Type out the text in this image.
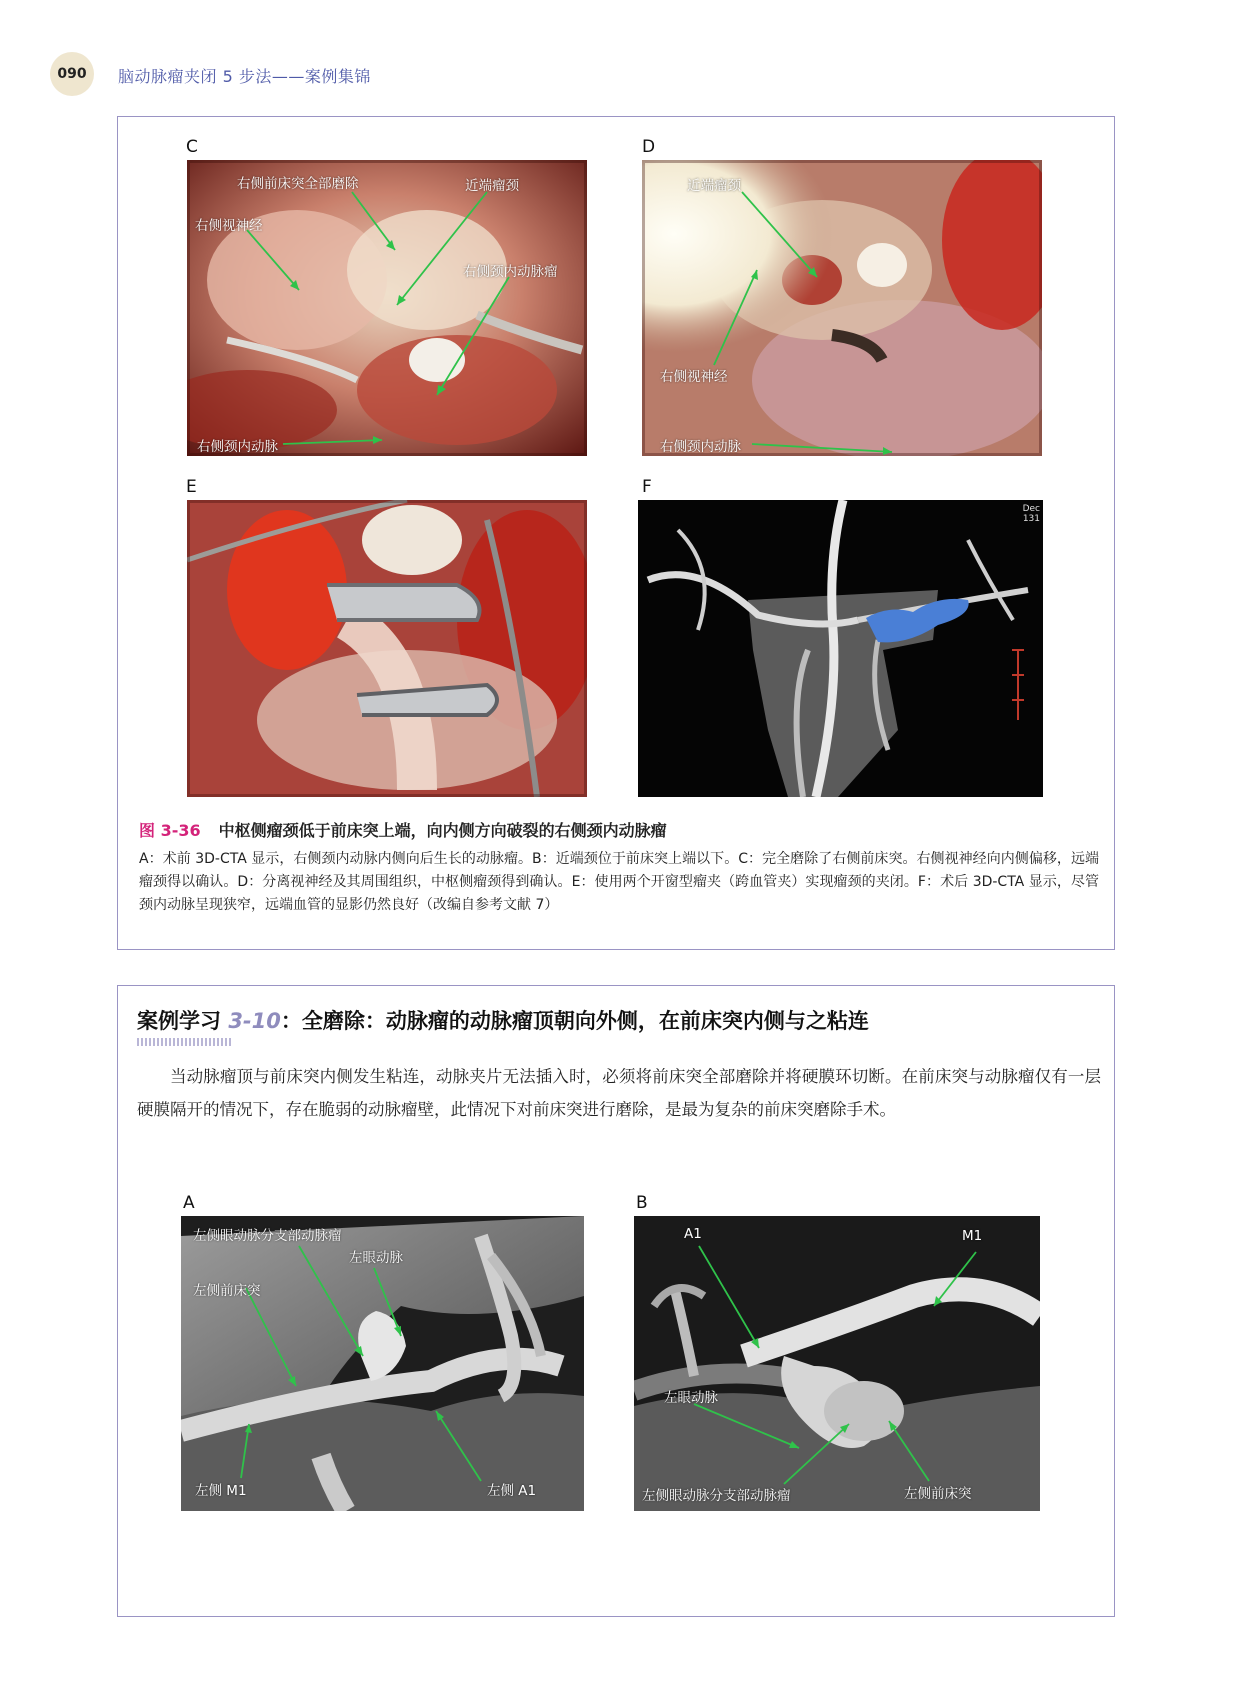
090	脑动脉瘤夹闭 5 步法——案例集锦
C
右侧前床突全部磨除	近端瘤颈
右侧视神经
右侧颈内动脉瘤
右侧颈内动脉
D
近端瘤颈
右侧视神经
右侧颈内动脉
E	F
Dec
131
图 3-36 中枢侧瘤颈低于前床突上端，向内侧方向破裂的右侧颈内动脉瘤
A：术前 3D-CTA 显示，右侧颈内动脉内侧向后生长的动脉瘤。B：近端颈位于前床突上端以下。C：完全磨除了右侧前床突。右侧视神经向内侧偏移，远端瘤颈得以确认。D：分离视神经及其周围组织，中枢侧瘤颈得到确认。E：使用两个开窗型瘤夹（跨血管夹）实现瘤颈的夹闭。F：术后 3D-CTA 显示，尽管颈内动脉呈现狭窄，远端血管的显影仍然良好（改编自参考文献 7）
案例学习 3-10：全磨除：动脉瘤的动脉瘤顶朝向外侧，在前床突内侧与之粘连
当动脉瘤顶与前床突内侧发生粘连，动脉夹片无法插入时，必须将前床突全部磨除并将硬膜环切断。在前床突与动脉瘤仅有一层硬膜隔开的情况下，存在脆弱的动脉瘤壁，此情况下对前床突进行磨除，是最为复杂的前床突磨除手术。
A
左侧眼动脉分支部动脉瘤
左眼动脉
左侧前床突
左侧 M1	左侧 A1
B
A1	M1
左眼动脉
左侧眼动脉分支部动脉瘤	左侧前床突
